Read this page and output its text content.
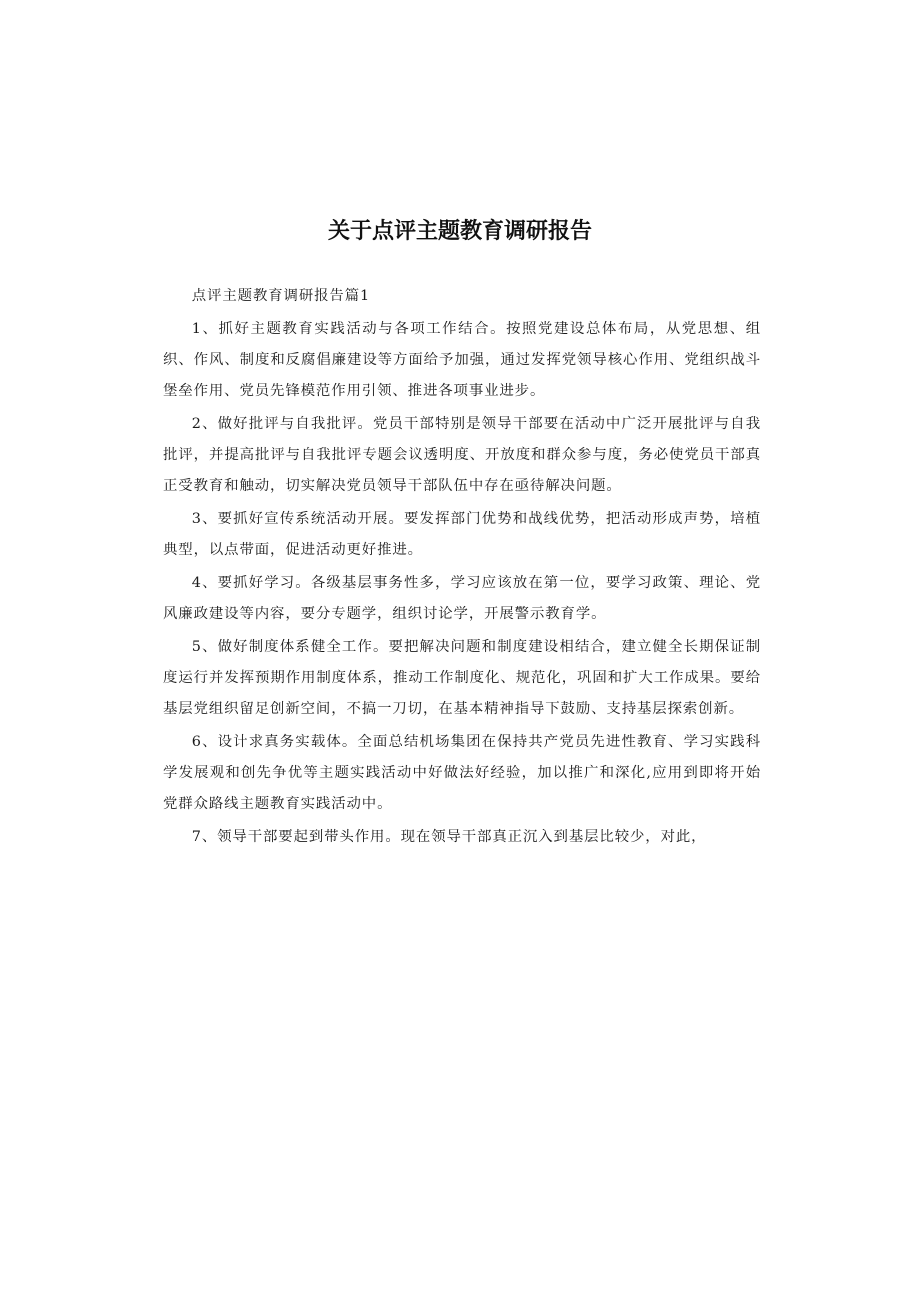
关于点评主题教育调研报告

点评主题教育调研报告篇1

1、抓好主题教育实践活动与各项工作结合。按照党建设总体布局，从党思想、组织、作风、制度和反腐倡廉建设等方面给予加强，通过发挥党领导核心作用、党组织战斗堡垒作用、党员先锋模范作用引领、推进各项事业进步。

2、做好批评与自我批评。党员干部特别是领导干部要在活动中广泛开展批评与自我批评，并提高批评与自我批评专题会议透明度、开放度和群众参与度，务必使党员干部真正受教育和触动，切实解决党员领导干部队伍中存在亟待解决问题。

3、要抓好宣传系统活动开展。要发挥部门优势和战线优势，把活动形成声势，培植典型，以点带面，促进活动更好推进。

4、要抓好学习。各级基层事务性多，学习应该放在第一位，要学习政策、理论、党风廉政建设等内容，要分专题学，组织讨论学，开展警示教育学。

5、做好制度体系健全工作。要把解决问题和制度建设相结合，建立健全长期保证制度运行并发挥预期作用制度体系，推动工作制度化、规范化，巩固和扩大工作成果。要给基层党组织留足创新空间，不搞一刀切，在基本精神指导下鼓励、支持基层探索创新。

6、设计求真务实载体。全面总结机场集团在保持共产党员先进性教育、学习实践科学发展观和创先争优等主题实践活动中好做法好经验，加以推广和深化,应用到即将开始党群众路线主题教育实践活动中。

7、领导干部要起到带头作用。现在领导干部真正沉入到基层比较少，对此，
